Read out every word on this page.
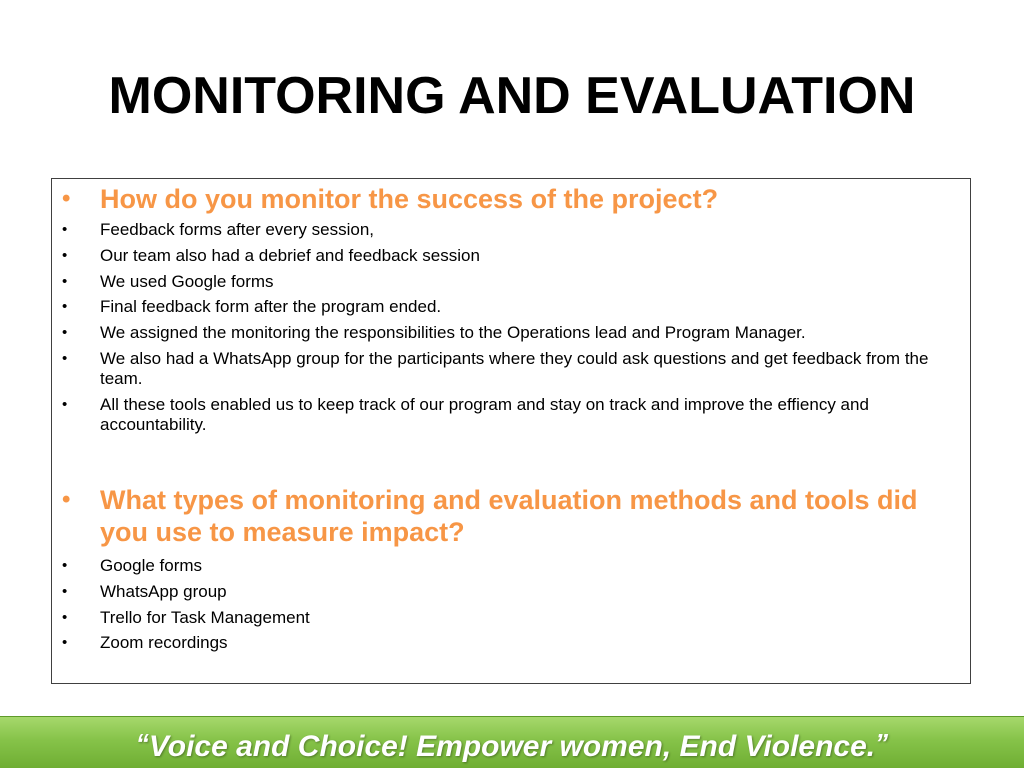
MONITORING AND EVALUATION
• How do you monitor the success of the project?
• Feedback forms after every session,
• Our team also had a debrief and feedback session
• We used Google forms
• Final feedback form after the program ended.
• We assigned the monitoring the responsibilities to the Operations lead and Program Manager.
• We also had a WhatsApp group for the participants where they could ask questions and get feedback from the team.
• All these tools enabled us to keep track of our program and stay on track and improve the effiency and accountability.
• What types of monitoring and evaluation methods and tools did you use to measure impact?
• Google forms
• WhatsApp group
• Trello for Task Management
• Zoom recordings
“Voice and Choice! Empower women, End Violence.”
